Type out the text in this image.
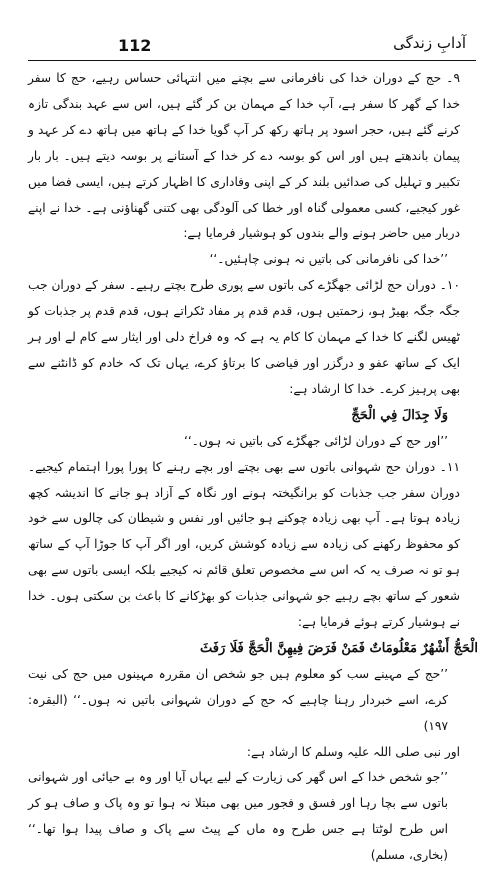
112	آدابِ زندگی

۹۔ حج کے دوران خدا کی نافرمانی سے بچنے میں انتہائی حساس رہیے، حج کا سفر خدا کے گھر کا سفر ہے، آپ خدا کے مہمان بن کر گئے ہیں، اس سے عہد بندگی تازہ کرنے گئے ہیں، حجر اسود پر ہاتھ رکھ کر آپ گویا خدا کے ہاتھ میں ہاتھ دے کر عہد و پیمان باندھتے ہیں اور اس کو بوسہ دے کر خدا کے آستانے پر بوسہ دیتے ہیں۔ بار بار تکبیر و تہلیل کی صدائیں بلند کر کے اپنی وفاداری کا اظہار کرتے ہیں، ایسی فضا میں غور کیجیے، کسی معمولی گناہ اور خطا کی آلودگی بھی کتنی گھناؤنی ہے۔ خدا نے اپنے دربار میں حاضر ہونے والے بندوں کو ہوشیار فرمایا ہے:

’’خدا کی نافرمانی کی باتیں نہ ہونی چاہئیں۔‘‘

۱۰۔ دوران حج لڑائی جھگڑے کی باتوں سے پوری طرح بچتے رہیے۔ سفر کے دوران جب جگہ جگہ بھیڑ ہو، زحمتیں ہوں، قدم قدم پر مفاد ٹکراتے ہوں، قدم قدم پر جذبات کو ٹھیس لگنے کا خدا کے مہمان کا کام یہ ہے کہ وہ فراخ دلی اور ایثار سے کام لے اور ہر ایک کے ساتھ عفو و درگزر اور فیاضی کا برتاؤ کرے، یہاں تک کہ خادم کو ڈانٹنے سے بھی پرہیز کرے۔ خدا کا ارشاد ہے:

وَلَا جِدَالَ فِي الْحَجِّ

’’اور حج کے دوران لڑائی جھگڑے کی باتیں نہ ہوں۔‘‘

۱۱۔ دوران حج شہوانی باتوں سے بھی بچتے اور بچے رہنے کا پورا پورا اہتمام کیجیے۔ دوران سفر جب جذبات کو برانگیختہ ہونے اور نگاہ کے آزاد ہو جانے کا اندیشہ کچھ زیادہ ہوتا ہے۔ آپ بھی زیادہ چوکنے ہو جائیں اور نفس و شیطان کی چالوں سے خود کو محفوظ رکھنے کی زیادہ سے زیادہ کوشش کریں، اور اگر آپ کا جوڑا آپ کے ساتھ ہو تو نہ صرف یہ کہ اس سے مخصوص تعلق قائم نہ کیجیے بلکہ ایسی باتوں سے بھی شعور کے ساتھ بچے رہیے جو شہوانی جذبات کو بھڑکانے کا باعث بن سکتی ہوں۔ خدا نے ہوشیار کرتے ہوئے فرمایا ہے:

الْحَجُّ أَشْهُرٌ مَعْلُومَاتٌ فَمَنْ فَرَضَ فِيهِنَّ الْحَجَّ فَلَا رَفَثَ

’’حج کے مہینے سب کو معلوم ہیں جو شخص ان مقررہ مہینوں میں حج کی نیت کرے، اسے خبردار رہنا چاہیے کہ حج کے دوران شہوانی باتیں نہ ہوں۔‘‘ (البقرہ: ۱۹۷)

اور نبی صلی اللہ علیہ وسلم کا ارشاد ہے:

’’جو شخص خدا کے اس گھر کی زیارت کے لیے یہاں آیا اور وہ بے حیائی اور شہوانی باتوں سے بچا رہا اور فسق و فجور میں بھی مبتلا نہ ہوا تو وہ پاک و صاف ہو کر اس طرح لوٹتا ہے جس طرح وہ ماں کے پیٹ سے پاک و صاف پیدا ہوا تھا۔‘‘ (بخاری، مسلم)
